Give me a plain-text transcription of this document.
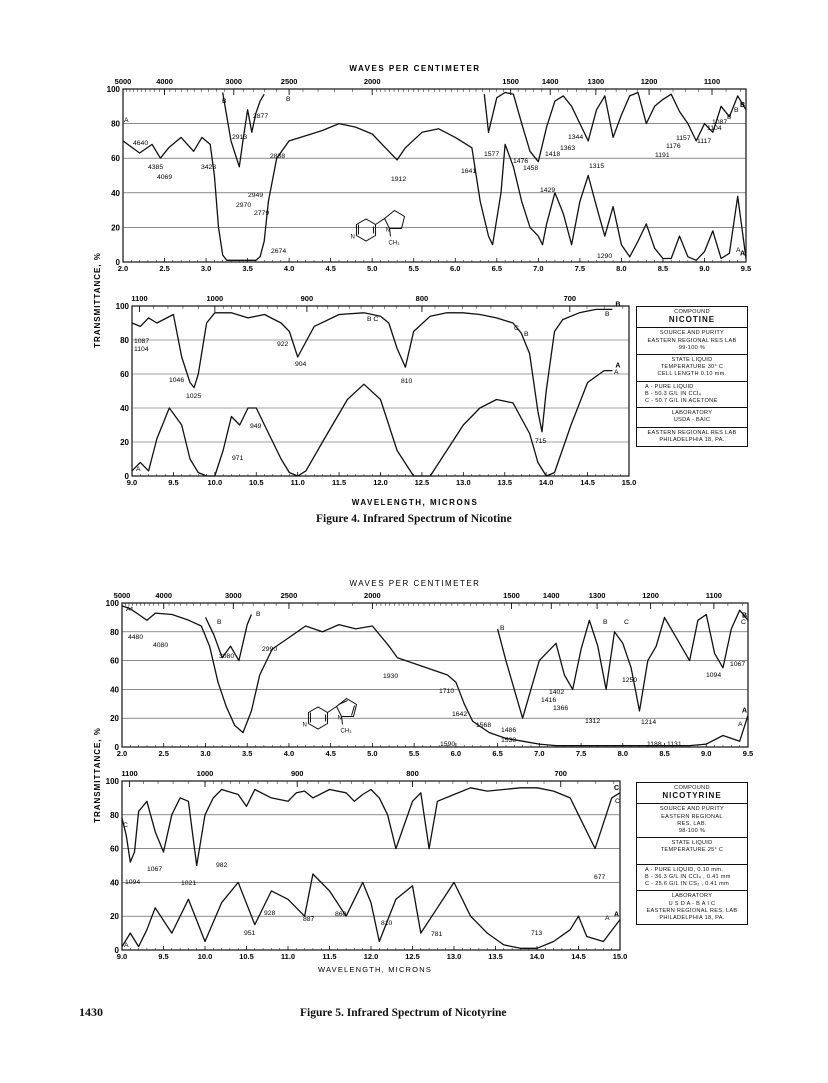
0
20
40
60
80
100
2.0	2.5	3.0	3.5	4.0	4.5	5.0	5.5	6.0	6.5	7.0	7.5	8.0	8.5	9.0	9.5
5000	4000	3000	2500	2000	1500	1400	1300	1200	1100
A
B
0
20
40
60
80
100
9.0	9.5	10.0	10.5	11.0	11.5	12.0	12.5	13.0	13.5	14.0	14.5	15.0
1100	1000	900	800	700
A
B
0
20
40
60
80
100
2.0	2.5	3.0	3.5	4.0	4.5	5.0	5.5	6.0	6.5	7.0	7.5	8.0	8.5	9.0	9.5
5000	4000	3000	2500	2000	1500	1400	1300	1200	1100
A
B
0
20
40
60
80
100
9.0	9.5	10.0	10.5	11.0	11.5	12.0	12.5	13.0	13.5	14.0	14.5	15.0
1100	1000	900	800	700
A
C
WAVES PER CENTIMETER
WAVELENGTH, MICRONS
WAVES PER CENTIMETER
WAVELENGTH, MICRONS
TRANSMITTANCE, %
TRANSMITTANCE, %
B	B
A	B
2877
2913
2838
4640
4385
4069
3423
2949
2970
2779
2674
1912
1641
1577
1476
1458
1418
1363
1344
1315
1429
1290
1157
1176
1191
1117
1104
1087
B
A
1087
1104
922
B C
904
1046
1025
810
C
B
B
A
949
971
715
A
A*
B
B
4480
4080
3080
2990
1930
1710
1642
1568
1486
1538
1590
B
B C
1402
1416
1366
1312
1250
1214
1188 1131
1094
1067
C
A
C
1094
1067
1021
982
928
887
951
860
810
781	713
677
C
A
A
N
N
CH₃
N
N
CH₃
COMPOUND
NICOTINE
SOURCE AND PURITY
EASTERN REGIONAL RES LAB
99-100 %
STATE LIQUID
TEMPERATURE 30° C
CELL LENGTH 0.10 mm.
A - PURE LIQUID
B - 50.3 G/L IN CCl₄
C - 50.7 G/L IN ACETONE
LABORATORY
USDA - BAIC
EASTERN REGIONAL RES LAB
PHILADELPHIA 18, PA.
COMPOUND
NICOTYRINE
SOURCE AND PURITY
EASTERN REGIONAL
RES. LAB.
98-100 %
STATE LIQUID
TEMPERATURE 25° C

A - PURE LIQUID, 0.10 mm.
B - 36.3 G/L IN CCl₄ , 0.41 mm
C - 25.6 G/L IN CS₂ , 0.41 mm
LABORATORY
U S D A - B A I C
EASTERN REGIONAL RES. LAB
PHILADELPHIA 18, PA.
Figure 4. Infrared Spectrum of Nicotine
Figure 5. Infrared Spectrum of Nicotyrine
1430
